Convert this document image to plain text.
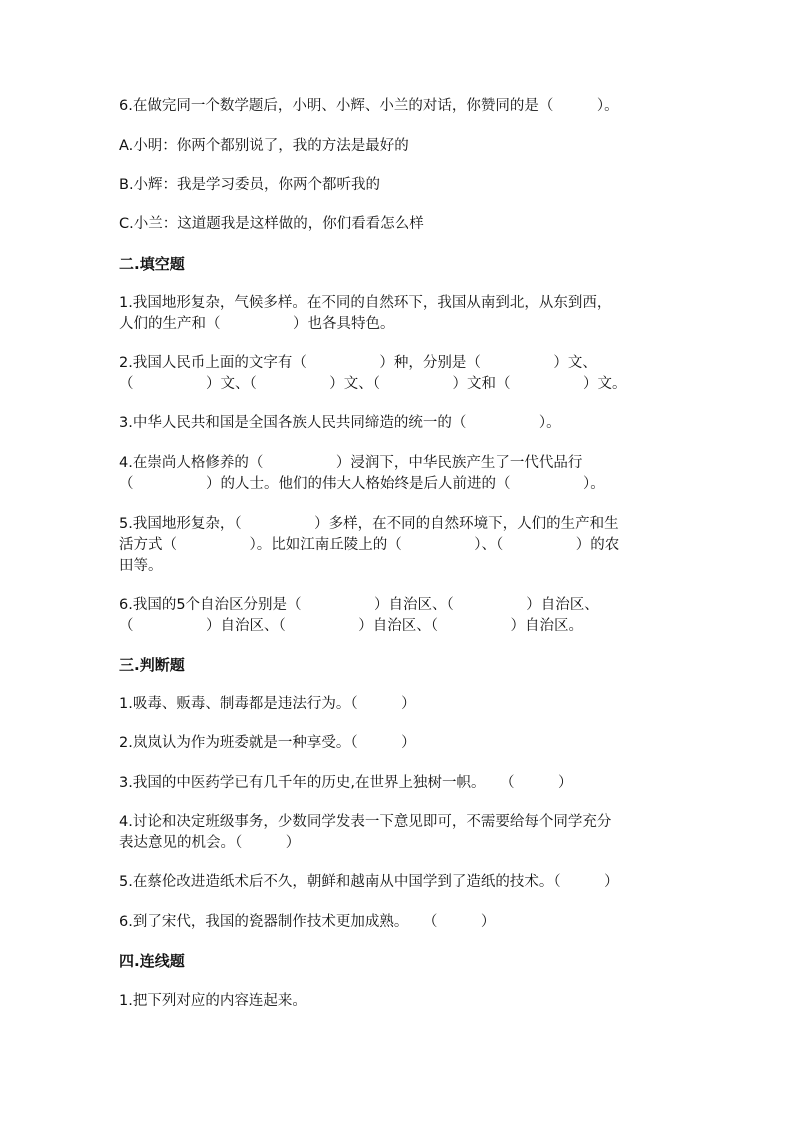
6.在做完同一个数学题后，小明、小辉、小兰的对话，你赞同的是（　　　）。

A.小明：你两个都别说了，我的方法是最好的

B.小辉：我是学习委员，你两个都听我的

C.小兰：这道题我是这样做的，你们看看怎么样

二.填空题

1.我国地形复杂，气候多样。在不同的自然环下，我国从南到北，从东到西，

人们的生产和（　　　　　）也各具特色。

2.我国人民币上面的文字有（　　　　　）种，分别是（　　　　　）文、

（　　　　　）文、（　　　　　）文、（　　　　　）文和（　　　　　）文。

3.中华人民共和国是全国各族人民共同缔造的统一的（　　　　　）。

4.在崇尚人格修养的（　　　　　）浸润下，中华民族产生了一代代品行

（　　　　　）的人士。他们的伟大人格始终是后人前进的（　　　　　）。

5.我国地形复杂，（　　　　　）多样，在不同的自然环境下，人们的生产和生

活方式（　　　　　）。比如江南丘陵上的（　　　　　）、（　　　　　）的农

田等。

6.我国的5个自治区分别是（　　　　　）自治区、（　　　　　）自治区、

（　　　　　）自治区、（　　　　　）自治区、（　　　　　）自治区。

三.判断题

1.吸毒、贩毒、制毒都是违法行为。（　　　）

2.岚岚认为作为班委就是一种享受。（　　　）

3.我国的中医药学已有几千年的历史,在世界上独树一帜。　　（　　　）

4.讨论和决定班级事务，少数同学发表一下意见即可，不需要给每个同学充分

表达意见的机会。（　　　）

5.在蔡伦改进造纸术后不久，朝鲜和越南从中国学到了造纸的技术。（　　　）

6.到了宋代，我国的瓷器制作技术更加成熟。　　（　　　）

四.连线题

1.把下列对应的内容连起来。
